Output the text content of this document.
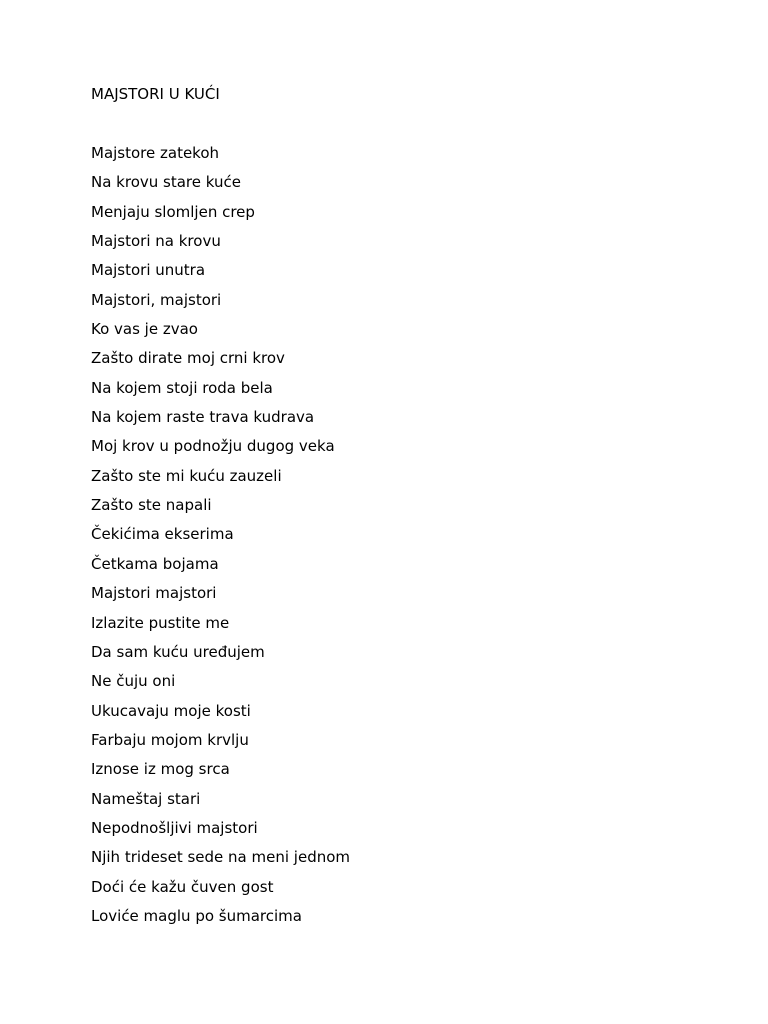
MAJSTORI U KUĆI
Majstore zatekoh
Na krovu stare kuće
Menjaju slomljen crep
Majstori na krovu
Majstori unutra
Majstori, majstori
Ko vas je zvao
Zašto dirate moj crni krov
Na kojem stoji roda bela
Na kojem raste trava kudrava
Moj krov u podnožju dugog veka
Zašto ste mi kuću zauzeli
Zašto ste napali
Čekićima ekserima
Četkama bojama
Majstori majstori
Izlazite pustite me
Da sam kuću uređujem
Ne čuju oni
Ukucavaju moje kosti
Farbaju mojom krvlju
Iznose iz mog srca
Nameštaj stari
Nepodnošljivi majstori
Njih trideset sede na meni jednom
Doći će kažu čuven gost
Loviće maglu po šumarcima
